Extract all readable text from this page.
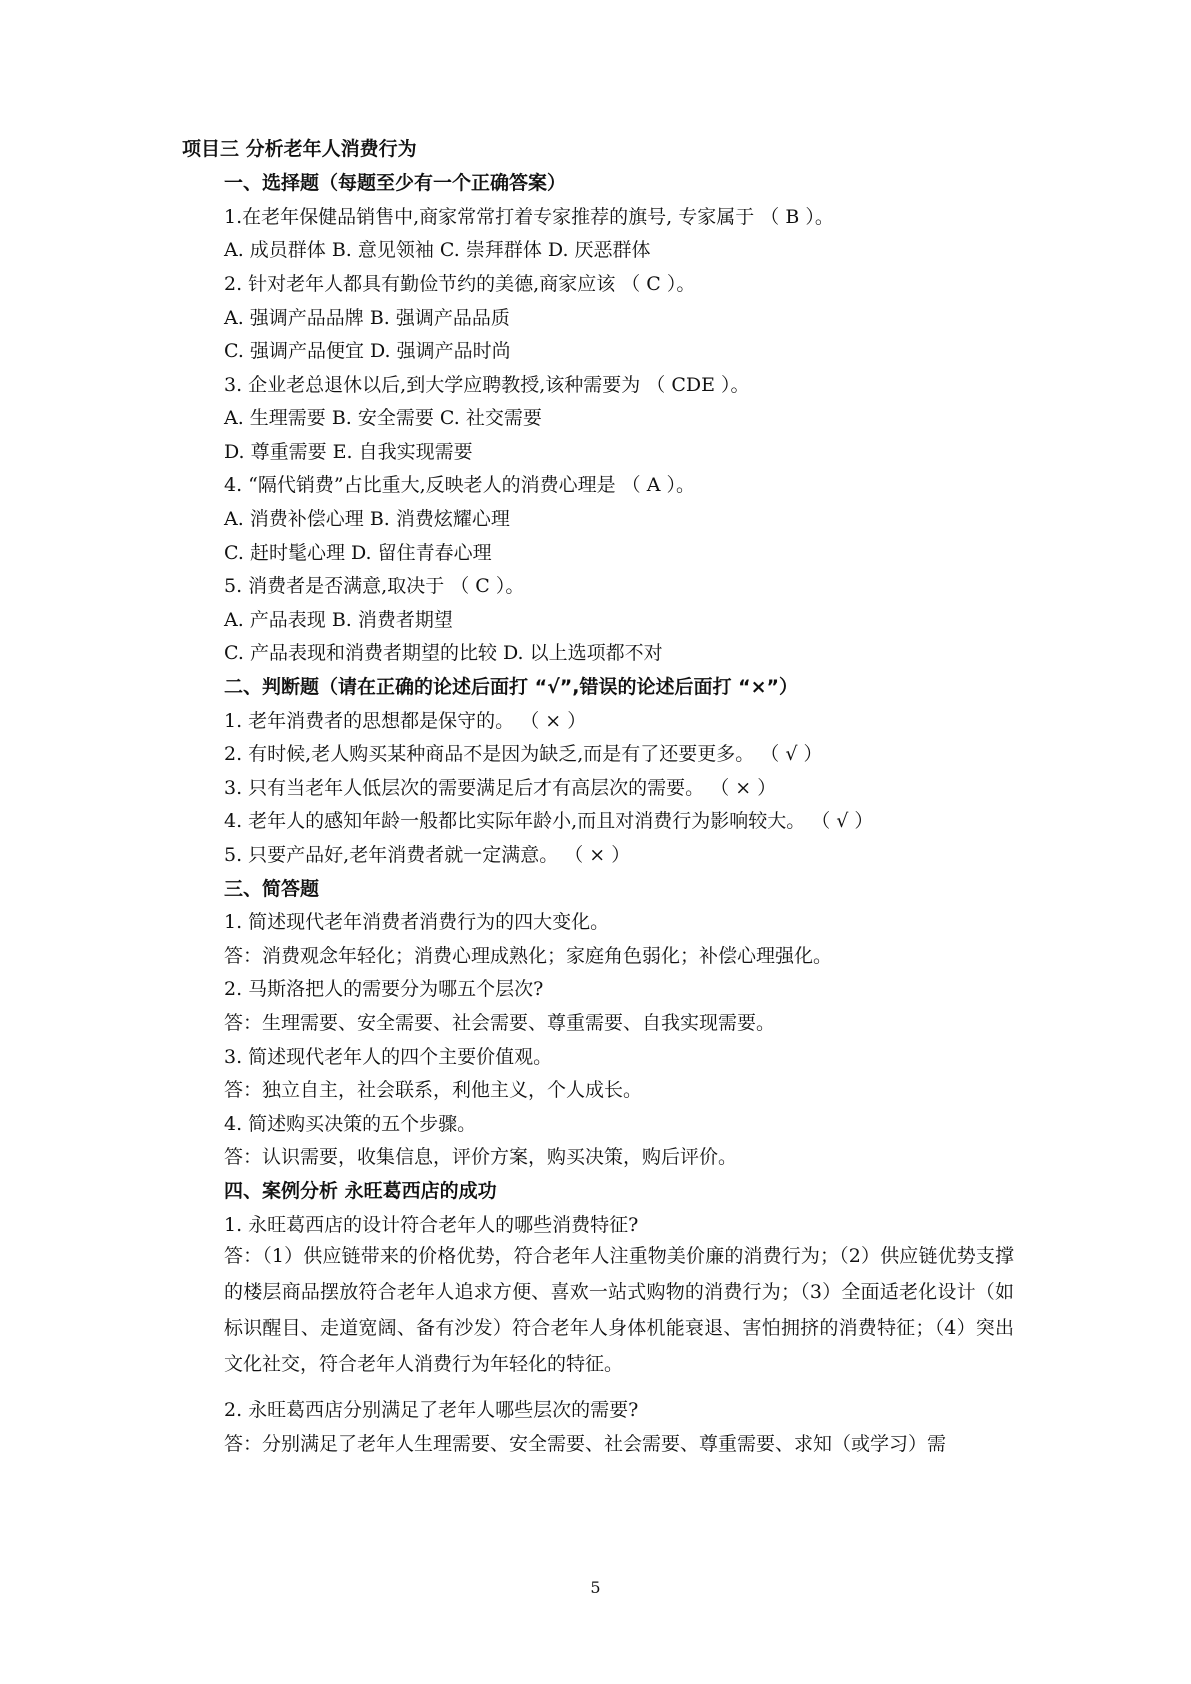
项目三 分析老年人消费行为
一、选择题（每题至少有一个正确答案）
1.在老年保健品销售中,商家常常打着专家推荐的旗号, 专家属于 （ B ）。
A. 成员群体 B. 意见领袖 C. 崇拜群体 D. 厌恶群体
2. 针对老年人都具有勤俭节约的美德,商家应该 （ C ）。
A. 强调产品品牌 B. 强调产品品质
C. 强调产品便宜 D. 强调产品时尚
3. 企业老总退休以后,到大学应聘教授,该种需要为 （ CDE ）。
A. 生理需要 B. 安全需要 C. 社交需要
D. 尊重需要 E. 自我实现需要
4. “隔代销费”占比重大,反映老人的消费心理是 （ A ）。
A. 消费补偿心理 B. 消费炫耀心理
C. 赶时髦心理 D. 留住青春心理
5. 消费者是否满意,取决于 （ C ）。
A. 产品表现 B. 消费者期望
C. 产品表现和消费者期望的比较 D. 以上选项都不对
二、判断题（请在正确的论述后面打 “√”,错误的论述后面打 “×”）
1. 老年消费者的思想都是保守的。 （ × ）
2. 有时候,老人购买某种商品不是因为缺乏,而是有了还要更多。 （ √ ）
3. 只有当老年人低层次的需要满足后才有高层次的需要。 （ × ）
4. 老年人的感知年龄一般都比实际年龄小,而且对消费行为影响较大。 （ √ ）
5. 只要产品好,老年消费者就一定满意。 （ × ）
三、简答题
1. 简述现代老年消费者消费行为的四大变化。
答：消费观念年轻化；消费心理成熟化；家庭角色弱化；补偿心理强化。
2. 马斯洛把人的需要分为哪五个层次?
答：生理需要、安全需要、社会需要、尊重需要、自我实现需要。
3. 简述现代老年人的四个主要价值观。
答：独立自主，社会联系，利他主义，个人成长。
4. 简述购买决策的五个步骤。
答：认识需要，收集信息，评价方案，购买决策，购后评价。
四、案例分析 永旺葛西店的成功
1. 永旺葛西店的设计符合老年人的哪些消费特征?
答：（1）供应链带来的价格优势，符合老年人注重物美价廉的消费行为；（2）供应链优势支撑的楼层商品摆放符合老年人追求方便、喜欢一站式购物的消费行为；（3）全面适老化设计（如标识醒目、走道宽阔、备有沙发）符合老年人身体机能衰退、害怕拥挤的消费特征；（4）突出文化社交，符合老年人消费行为年轻化的特征。
2. 永旺葛西店分别满足了老年人哪些层次的需要?
答：分别满足了老年人生理需要、安全需要、社会需要、尊重需要、求知（或学习）需
5
